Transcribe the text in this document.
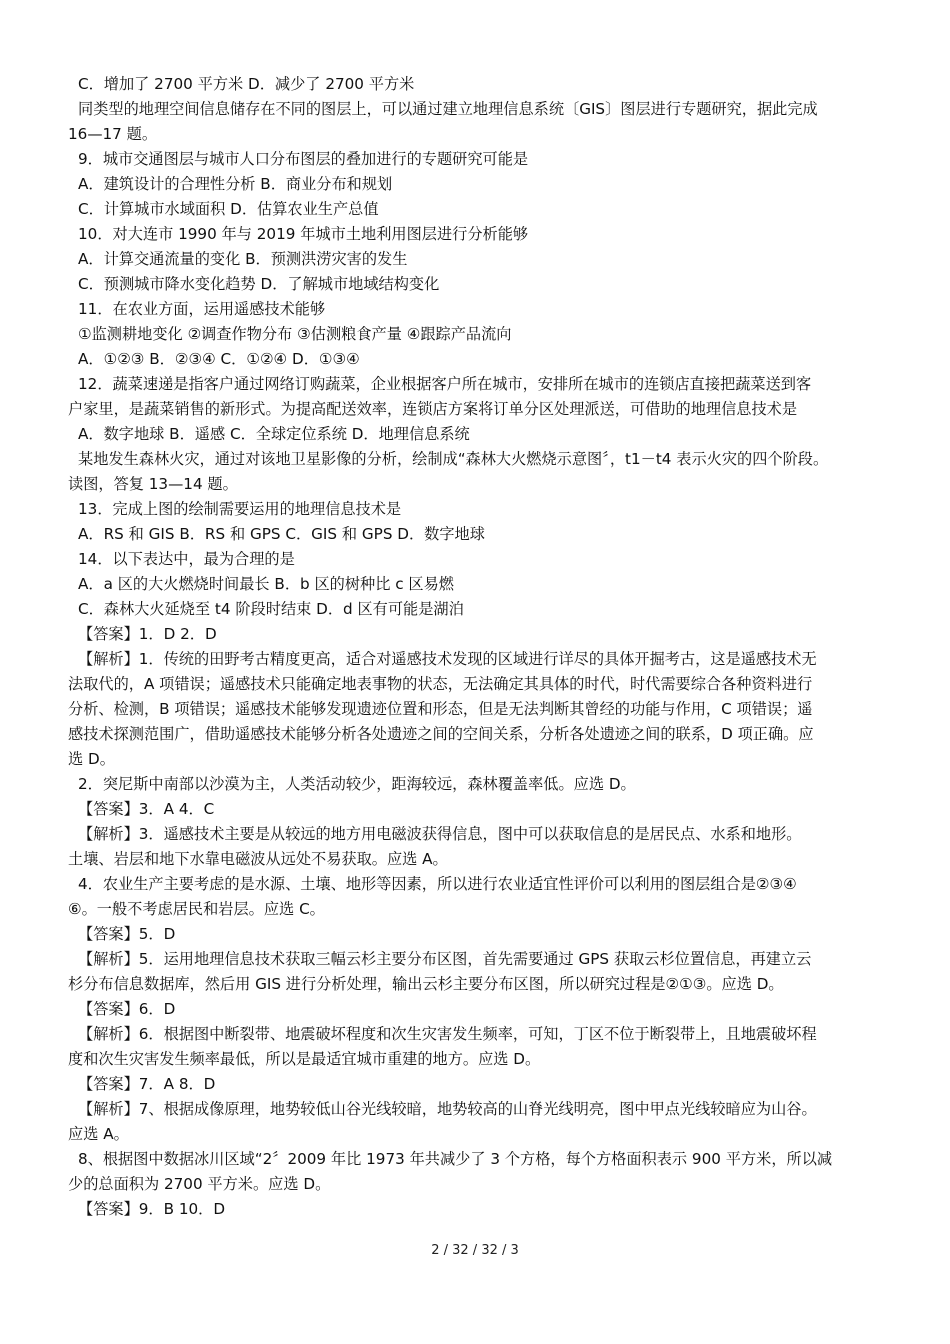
C．增加了 2700 平方米 D．减少了 2700 平方米

同类型的地理空间信息储存在不同的图层上，可以通过建立地理信息系统〔GIS〕图层进行专题研究，据此完成

16—17 题。

9．城市交通图层与城市人口分布图层的叠加进行的专题研究可能是

A．建筑设计的合理性分析 B．商业分布和规划

C．计算城市水域面积 D．估算农业生产总值

10．对大连市 1990 年与 2019 年城市土地利用图层进行分析能够

A．计算交通流量的变化 B．预测洪涝灾害的发生

C．预测城市降水变化趋势 D．了解城市地域结构变化

11．在农业方面，运用遥感技术能够

①监测耕地变化 ②调查作物分布 ③估测粮食产量 ④跟踪产品流向

A．①②③ B．②③④ C．①②④ D．①③④

12．蔬菜速递是指客户通过网络订购蔬菜，企业根据客户所在城市，安排所在城市的连锁店直接把蔬菜送到客

户家里，是蔬菜销售的新形式。为提高配送效率，连锁店方案将订单分区处理派送，可借助的地理信息技术是

A．数字地球 B．遥感 C．全球定位系统 D．地理信息系统

某地发生森林火灾，通过对该地卫星影像的分析，绘制成“森林大火燃烧示意图〞，t1－t4 表示火灾的四个阶段。

读图，答复 13—14 题。

13．完成上图的绘制需要运用的地理信息技术是

A．RS 和 GIS B．RS 和 GPS C．GIS 和 GPS D．数字地球

14．以下表达中，最为合理的是

A．a 区的大火燃烧时间最长 B．b 区的树种比 c 区易燃

C．森林大火延烧至 t4 阶段时结束 D．d 区有可能是湖泊

【答案】1．D 2．D

【解析】1．传统的田野考古精度更高，适合对遥感技术发现的区域进行详尽的具体开掘考古，这是遥感技术无

法取代的，A 项错误；遥感技术只能确定地表事物的状态，无法确定其具体的时代，时代需要综合各种资料进行

分析、检测，B 项错误；遥感技术能够发现遗迹位置和形态，但是无法判断其曾经的功能与作用，C 项错误；遥

感技术探测范围广，借助遥感技术能够分析各处遗迹之间的空间关系，分析各处遗迹之间的联系，D 项正确。应

选 D。

2．突尼斯中南部以沙漠为主，人类活动较少，距海较远，森林覆盖率低。应选 D。

【答案】3．A 4．C

【解析】3．遥感技术主要是从较远的地方用电磁波获得信息，图中可以获取信息的是居民点、水系和地形。

土壤、岩层和地下水靠电磁波从远处不易获取。应选 A。

4．农业生产主要考虑的是水源、土壤、地形等因素，所以进行农业适宜性评价可以利用的图层组合是②③④

⑥。一般不考虑居民和岩层。应选 C。

【答案】5．D

【解析】5．运用地理信息技术获取三幅云杉主要分布区图，首先需要通过 GPS 获取云杉位置信息，再建立云

杉分布信息数据库，然后用 GIS 进行分析处理，输出云杉主要分布区图，所以研究过程是②①③。应选 D。

【答案】6．D

【解析】6．根据图中断裂带、地震破坏程度和次生灾害发生频率，可知，丁区不位于断裂带上，且地震破坏程

度和次生灾害发生频率最低，所以是最适宜城市重建的地方。应选 D。

【答案】7．A 8．D

【解析】7、根据成像原理，地势较低山谷光线较暗，地势较高的山脊光线明亮，图中甲点光线较暗应为山谷。

应选 A。

8、根据图中数据冰川区域“2〞2009 年比 1973 年共减少了 3 个方格，每个方格面积表示 900 平方米，所以减

少的总面积为 2700 平方米。应选 D。

【答案】9．B 10．D

2 / 32 / 32 / 3
